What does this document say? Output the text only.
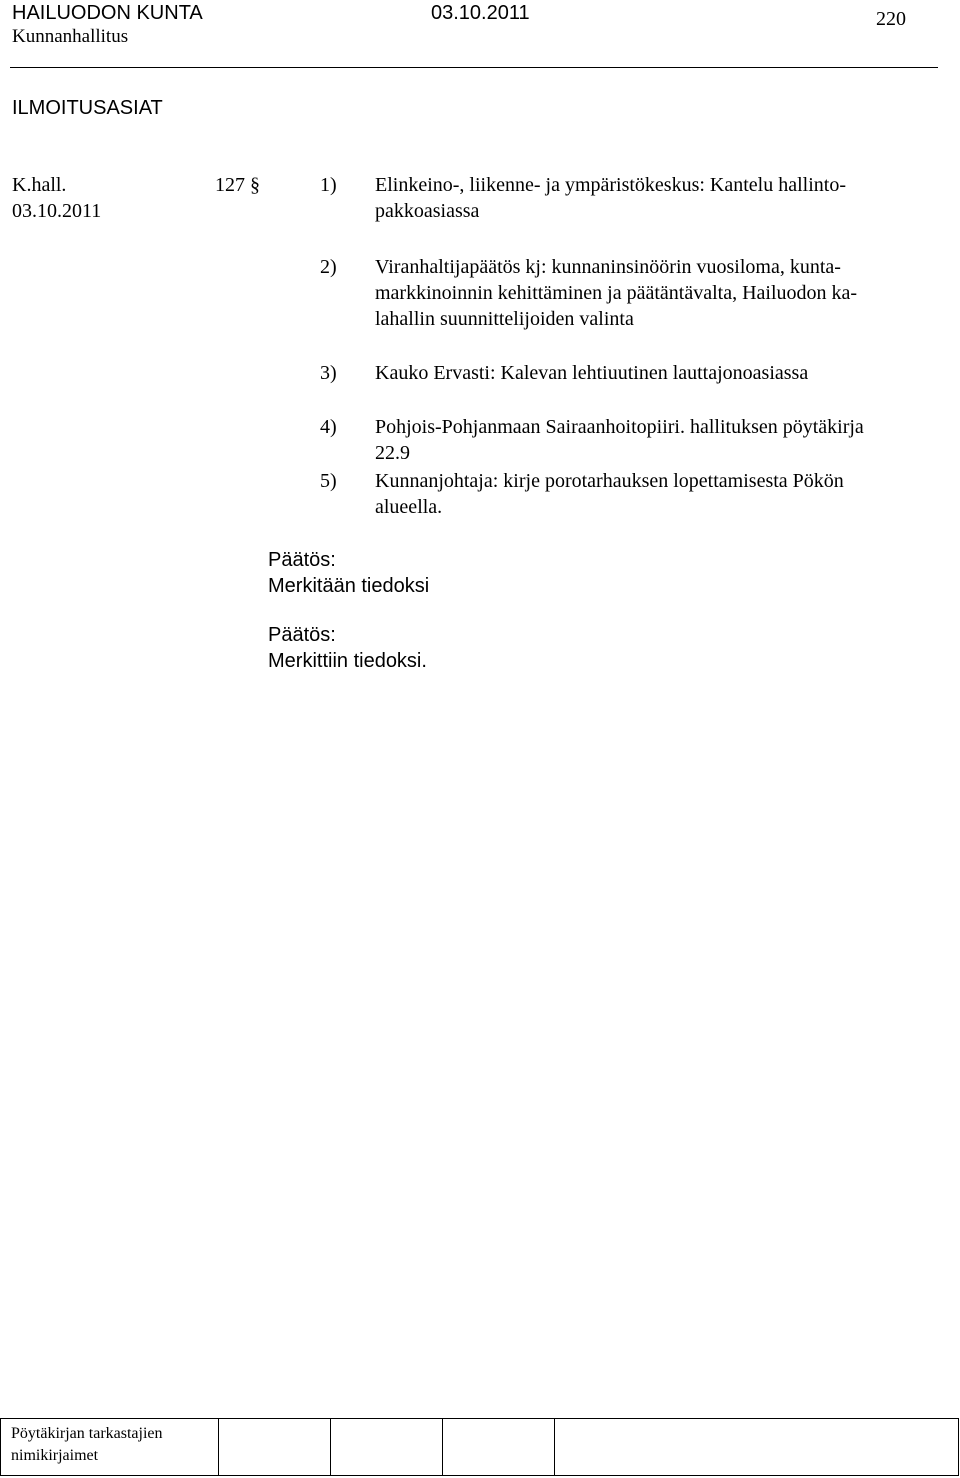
HAILUODON KUNTA	03.10.2011
Kunnanhallitus
220
ILMOITUSASIAT
K.hall.
03.10.2011
127 §	1) Elinkeino-, liikenne- ja ympäristökeskus: Kantelu hallinto-
pakkoasiassa
2) Viranhaltijapäätös kj: kunnaninsinöörin vuosiloma, kunta-
markkinoinnin kehittäminen ja päätäntävalta, Hailuodon ka-
lahallin suunnittelijoiden valinta
3) Kauko Ervasti: Kalevan lehtiuutinen lauttajonoasiassa
4) Pohjois-Pohjanmaan Sairaanhoitopiiri. hallituksen pöytäkirja
22.9
5) Kunnanjohtaja: kirje porotarhauksen lopettamisesta Pökön
alueella.
Päätös:
Merkitään tiedoksi
Päätös:
Merkittiin tiedoksi.
Pöytäkirjan tarkastajien
nimikirjaimet
